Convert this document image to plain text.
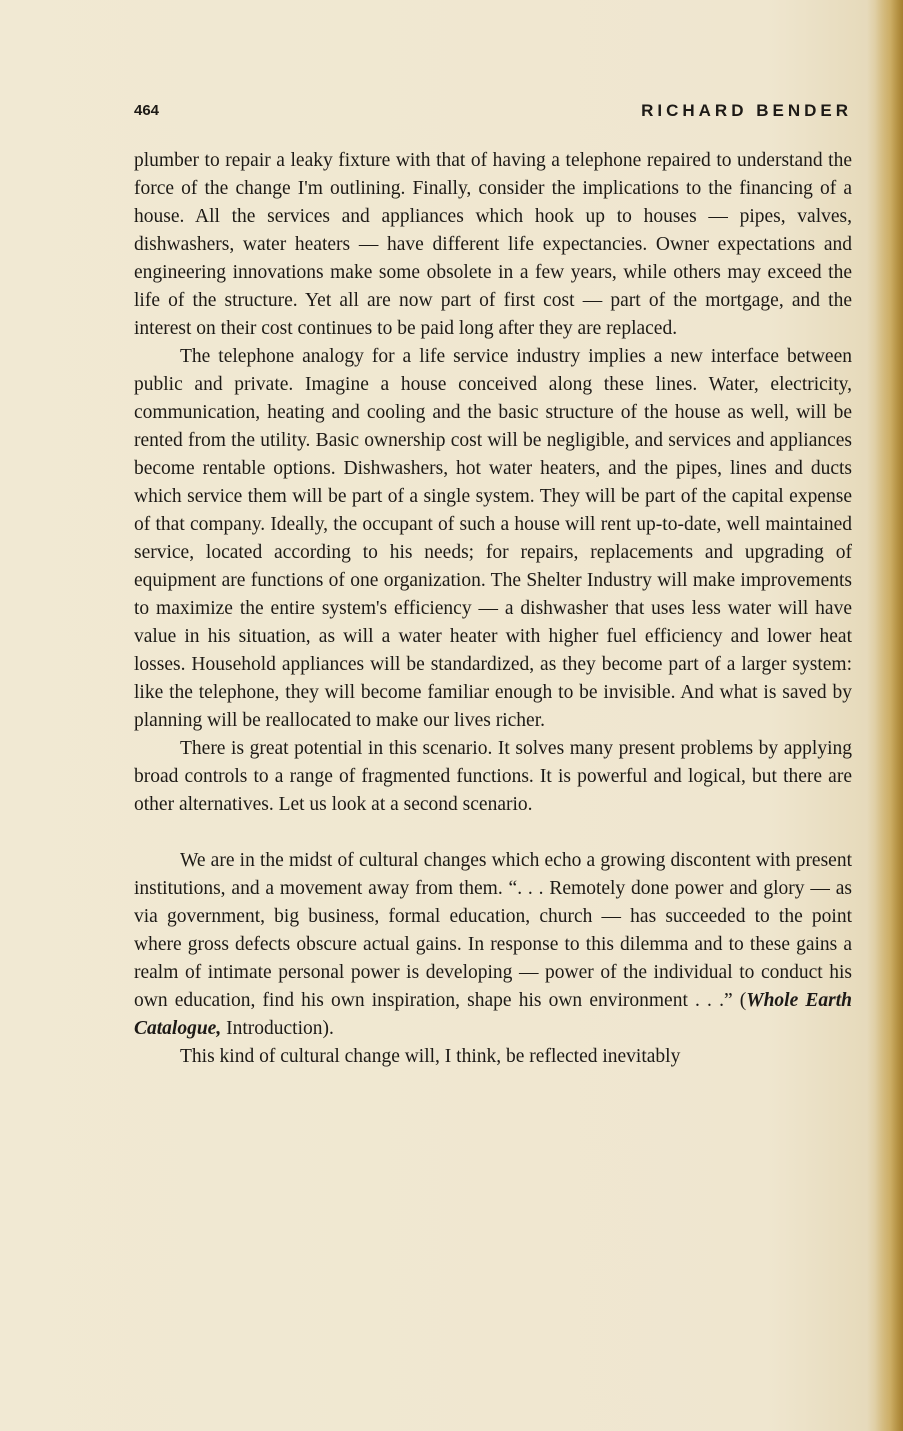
464	RICHARD BENDER

plumber to repair a leaky fixture with that of having a telephone repaired to understand the force of the change I'm outlining. Finally, consider the implications to the financing of a house. All the services and appliances which hook up to houses — pipes, valves, dishwashers, water heaters — have different life expectancies. Owner expectations and engineering innovations make some obsolete in a few years, while others may exceed the life of the structure. Yet all are now part of first cost — part of the mortgage, and the interest on their cost continues to be paid long after they are replaced.

The telephone analogy for a life service industry implies a new interface between public and private. Imagine a house conceived along these lines. Water, electricity, communication, heating and cooling and the basic structure of the house as well, will be rented from the utility. Basic ownership cost will be negligible, and services and appliances become rentable options. Dishwashers, hot water heaters, and the pipes, lines and ducts which service them will be part of a single system. They will be part of the capital expense of that company. Ideally, the occupant of such a house will rent up-to-date, well maintained service, located according to his needs; for repairs, replacements and upgrading of equipment are functions of one organization. The Shelter Industry will make improvements to maximize the entire system's efficiency — a dishwasher that uses less water will have value in his situation, as will a water heater with higher fuel efficiency and lower heat losses. Household appliances will be standardized, as they become part of a larger system: like the telephone, they will become familiar enough to be invisible. And what is saved by planning will be reallocated to make our lives richer.

There is great potential in this scenario. It solves many present problems by applying broad controls to a range of fragmented functions. It is powerful and logical, but there are other alternatives. Let us look at a second scenario.

We are in the midst of cultural changes which echo a growing discontent with present institutions, and a movement away from them. “. . . Remotely done power and glory — as via government, big business, formal education, church — has succeeded to the point where gross defects obscure actual gains. In response to this dilemma and to these gains a realm of intimate personal power is developing — power of the individual to conduct his own education, find his own inspiration, shape his own environment . . .” (Whole Earth Catalogue, Introduction).

This kind of cultural change will, I think, be reflected inevitably
